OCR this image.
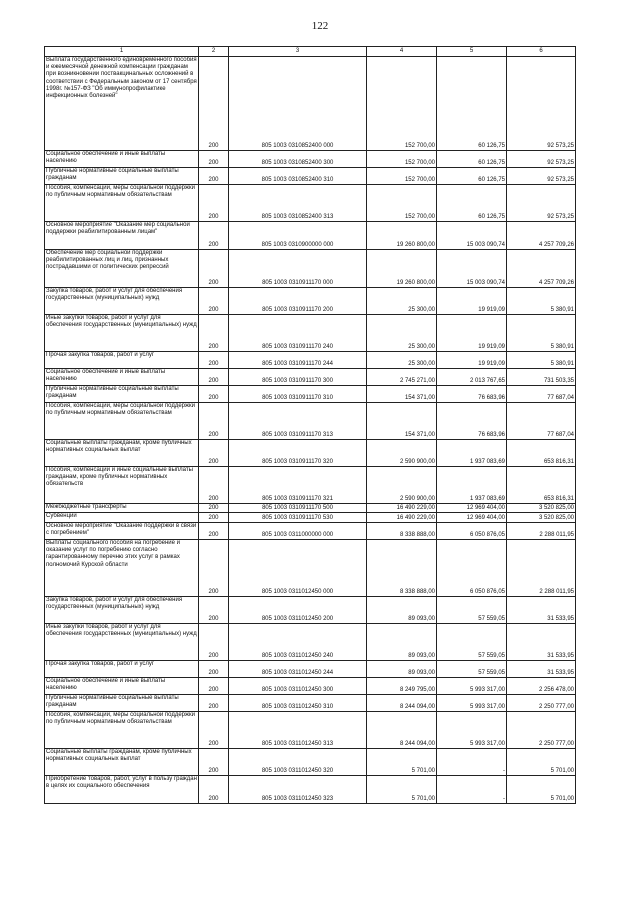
122
1	2	3	4	5	6
Выплата государственного единовременного пособия и ежемесячной денежной компенсации гражданам при возникновении поствакцинальных осложнений в соответствии с Федеральным законом от 17 сентября 1998г. №157-ФЗ "Об иммунопрофилактике инфекционных болезней"	200	805 1003 0310852400 000	152 700,00	60 126,75	92 573,25
Социальное обеспечение и иные выплаты населению	200	805 1003 0310852400 300	152 700,00	60 126,75	92 573,25
Публичные нормативные социальные выплаты гражданам	200	805 1003 0310852400 310	152 700,00	60 126,75	92 573,25
Пособия, компенсации, меры социальной поддержки по публичным нормативным обязательствам	200	805 1003 0310852400 313	152 700,00	60 126,75	92 573,25
Основное мероприятие "Оказание мер социальной поддержки реабилитированным лицам"	200	805 1003 0310900000 000	19 260 800,00	15 003 090,74	4 257 709,26
Обеспечение мер социальной поддержки реабилитированных лиц и лиц, признанных пострадавшими от политических репрессий	200	805 1003 0310911170 000	19 260 800,00	15 003 090,74	4 257 709,26
Закупка товаров, работ и услуг для обеспечения государственных (муниципальных) нужд	200	805 1003 0310911170 200	25 300,00	19 919,09	5 380,91
Иные закупки товаров, работ и услуг для обеспечения государственных (муниципальных) нужд	200	805 1003 0310911170 240	25 300,00	19 919,09	5 380,91
Прочая закупка товаров, работ и услуг	200	805 1003 0310911170 244	25 300,00	19 919,09	5 380,91
Социальное обеспечение и иные выплаты населению	200	805 1003 0310911170 300	2 745 271,00	2 013 767,65	731 503,35
Публичные нормативные социальные выплаты гражданам	200	805 1003 0310911170 310	154 371,00	76 683,96	77 687,04
Пособия, компенсации, меры социальной поддержки по публичным нормативным обязательствам	200	805 1003 0310911170 313	154 371,00	76 683,96	77 687,04
Социальные выплаты гражданам, кроме публичных нормативных социальных выплат	200	805 1003 0310911170 320	2 590 900,00	1 937 083,69	653 816,31
Пособия, компенсации и иные социальные выплаты гражданам, кроме публичных нормативных обязательств	200	805 1003 0310911170 321	2 590 900,00	1 937 083,69	653 816,31
Межбюджетные трансферты	200	805 1003 0310911170 500	16 490 229,00	12 969 404,00	3 520 825,00
Субвенции	200	805 1003 0310911170 530	16 490 229,00	12 969 404,00	3 520 825,00
Основное мероприятие "Оказание поддержки в связи с погребением"	200	805 1003 0311000000 000	8 338 888,00	6 050 876,05	2 288 011,95
Выплаты социального пособия на погребение и оказание услуг по погребению согласно гарантированному перечню этих услуг в рамках полномочий Курской области	200	805 1003 0311012450 000	8 338 888,00	6 050 876,05	2 288 011,95
Закупка товаров, работ и услуг для обеспечения государственных (муниципальных) нужд	200	805 1003 0311012450 200	89 093,00	57 559,05	31 533,95
Иные закупки товаров, работ и услуг для обеспечения государственных (муниципальных) нужд	200	805 1003 0311012450 240	89 093,00	57 559,05	31 533,95
Прочая закупка товаров, работ и услуг	200	805 1003 0311012450 244	89 093,00	57 559,05	31 533,95
Социальное обеспечение и иные выплаты населению	200	805 1003 0311012450 300	8 249 795,00	5 993 317,00	2 256 478,00
Публичные нормативные социальные выплаты гражданам	200	805 1003 0311012450 310	8 244 094,00	5 993 317,00	2 250 777,00
Пособия, компенсации, меры социальной поддержки по публичным нормативным обязательствам	200	805 1003 0311012450 313	8 244 094,00	5 993 317,00	2 250 777,00
Социальные выплаты гражданам, кроме публичных нормативных социальных выплат	200	805 1003 0311012450 320	5 701,00	-	5 701,00
Приобретение товаров, работ, услуг в пользу граждан в целях их социального обеспечения	200	805 1003 0311012450 323	5 701,00	-	5 701,00
